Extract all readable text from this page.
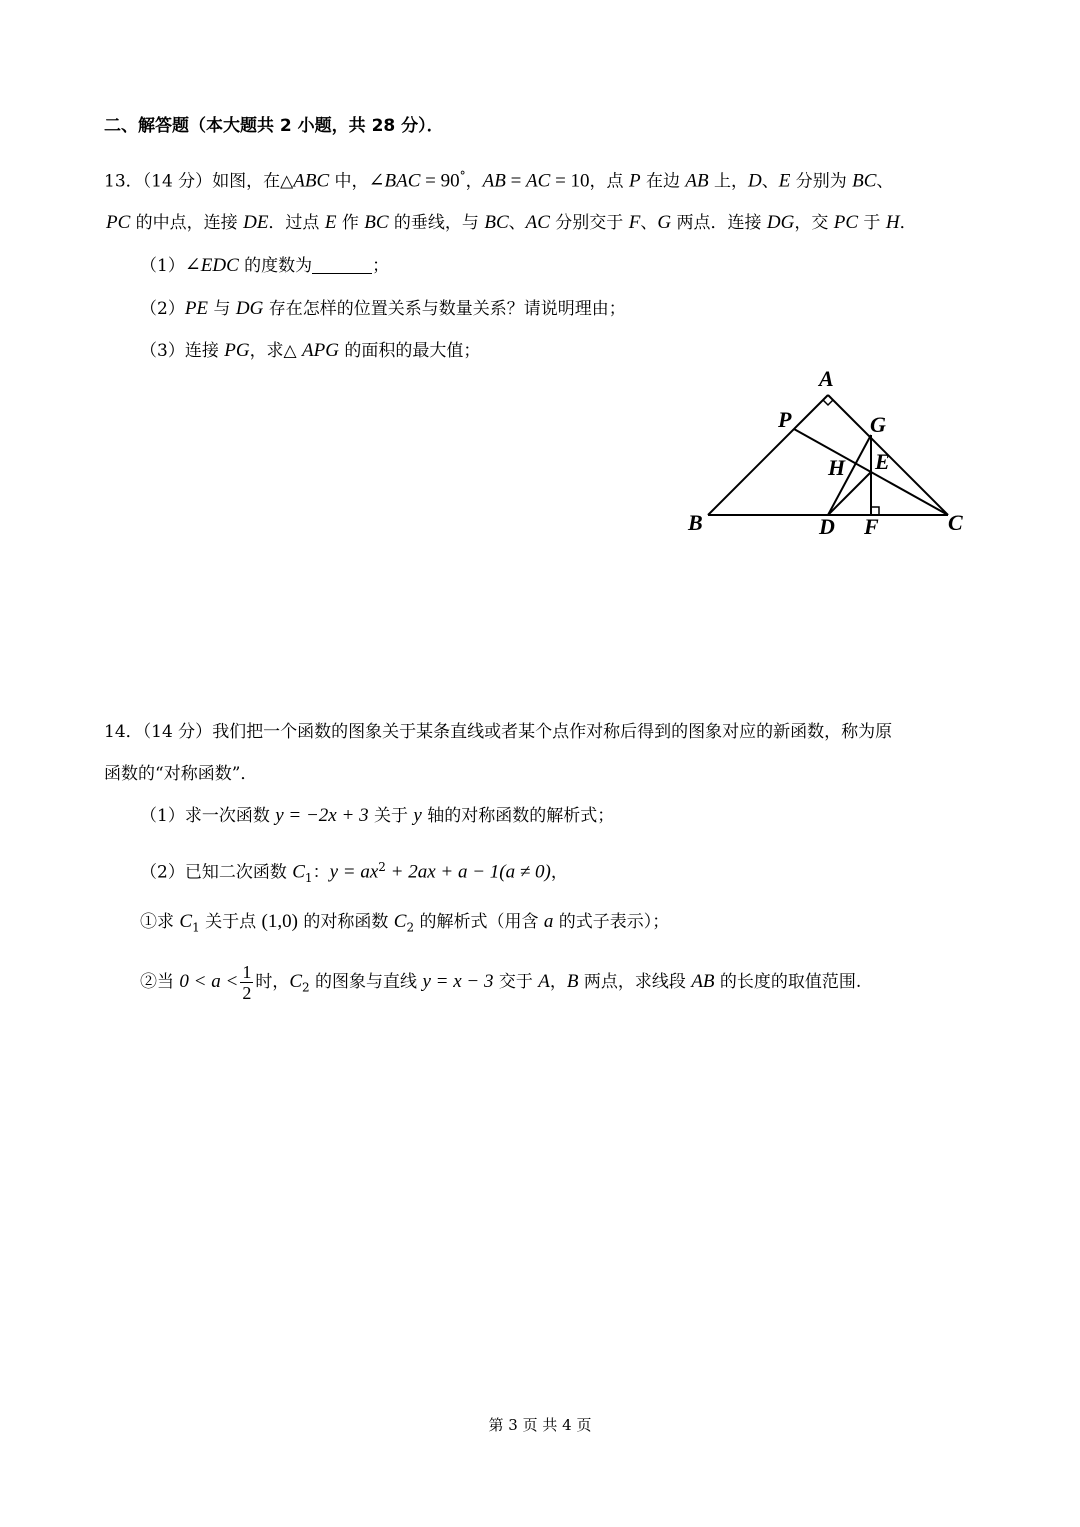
二、解答题（本大题共 2 小题，共 28 分）．
13．（14 分）如图，在△ABC 中，∠BAC = 90°，AB = AC = 10，点 P 在边 AB 上，D、E 分别为 BC、
PC 的中点，连接 DE．过点 E 作 BC 的垂线，与 BC、AC 分别交于 F、G 两点．连接 DG，交 PC 于 H．
（1）∠EDC 的度数为	；
（2）PE 与 DG 存在怎样的位置关系与数量关系？请说明理由；
（3）连接 PG，求△ APG 的面积的最大值；
A
P	G
H E
B	D F	C
14．（14 分）我们把一个函数的图象关于某条直线或者某个点作对称后得到的图象对应的新函数，称为原
函数的“对称函数”．
（1）求一次函数 y = −2x + 3 关于 y 轴的对称函数的解析式；
（2）已知二次函数 $C_1$：$y = ax^2 + 2ax + a - 1(a \ne 0)$，
①求 $C_1$ 关于点 (1,0) 的对称函数 $C_2$ 的解析式（用含 a 的式子表示）；
②当 $0 < a < \frac{1}{2}$ 时，$C_2$ 的图象与直线 y = x − 3 交于 A，B 两点，求线段 AB 的长度的取值范围.
第 3 页 共 4 页
